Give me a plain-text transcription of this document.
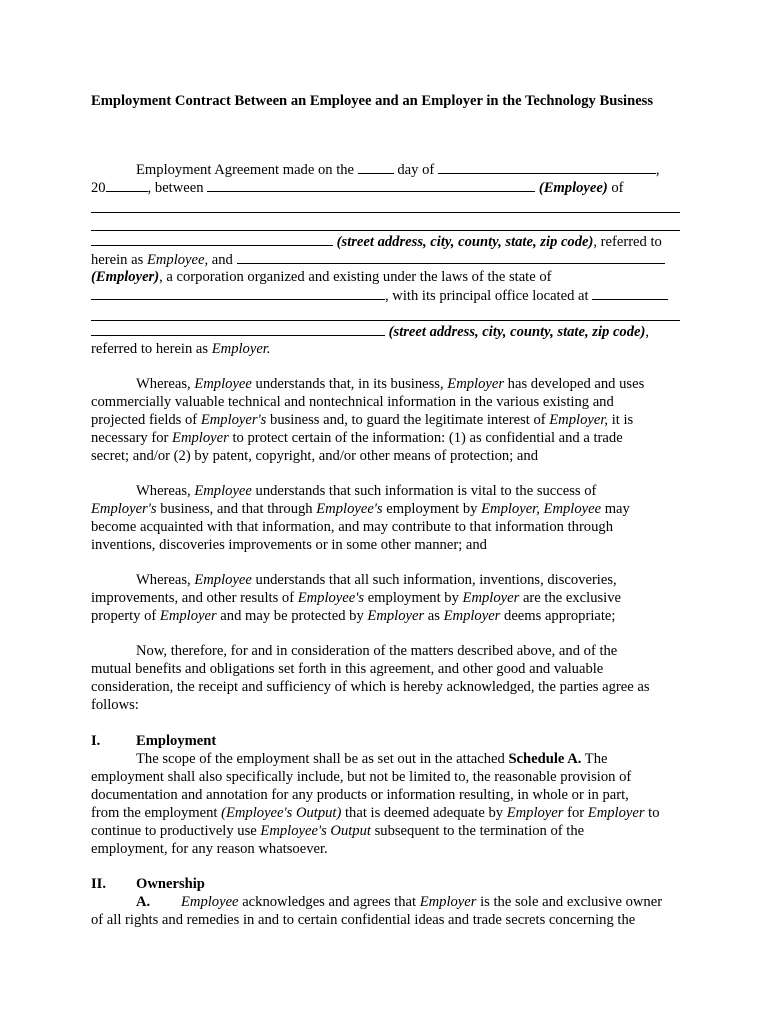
Employment Contract Between an Employee and an Employer in the Technology Business
Employment Agreement made on the	day of	,
20	, between	(Employee) of
(street address, city, county, state, zip code), referred to
herein as Employee, and
(Employer), a corporation organized and existing under the laws of the state of
, with its principal office located at
(street address, city, county, state, zip code),
referred to herein as Employer.
Whereas, Employee understands that, in its business, Employer has developed and uses
commercially valuable technical and nontechnical information in the various existing and
projected fields of Employer's business and, to guard the legitimate interest of Employer, it is
necessary for Employer to protect certain of the information: (1) as confidential and a trade
secret; and/or (2) by patent, copyright, and/or other means of protection; and
Whereas, Employee understands that such information is vital to the success of
Employer's business, and that through Employee's employment by Employer, Employee may
become acquainted with that information, and may contribute to that information through
inventions, discoveries improvements or in some other manner; and
Whereas, Employee understands that all such information, inventions, discoveries,
improvements, and other results of Employee's employment by Employer are the exclusive
property of Employer and may be protected by Employer as Employer deems appropriate;
Now, therefore, for and in consideration of the matters described above, and of the
mutual benefits and obligations set forth in this agreement, and other good and valuable
consideration, the receipt and sufficiency of which is hereby acknowledged, the parties agree as
follows:
I. Employment
The scope of the employment shall be as set out in the attached Schedule A. The
employment shall also specifically include, but not be limited to, the reasonable provision of
documentation and annotation for any products or information resulting, in whole or in part,
from the employment (Employee's Output) that is deemed adequate by Employer for Employer to
continue to productively use Employee's Output subsequent to the termination of the
employment, for any reason whatsoever.
II. Ownership
A. Employee acknowledges and agrees that Employer is the sole and exclusive owner
of all rights and remedies in and to certain confidential ideas and trade secrets concerning the
